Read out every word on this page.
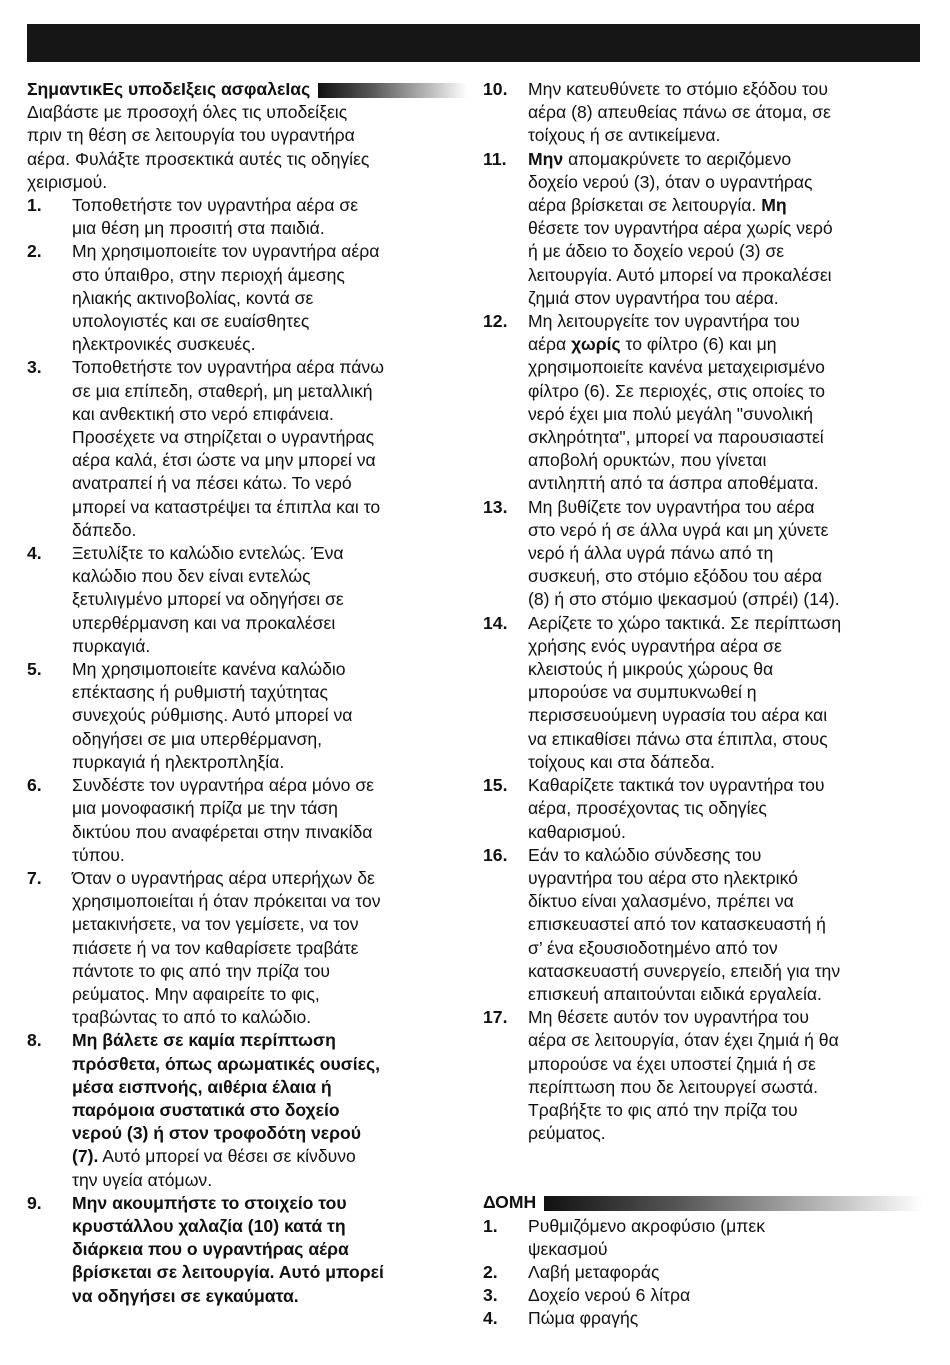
ΣημαντικΕς υποδεΙξεις ασφαλεΙας
Διαβάστε με προσοχή όλες τις υποδείξεις
πριν τη θέση σε λειτουργία του υγραντήρα
αέρα. Φυλάξτε προσεκτικά αυτές τις οδηγίες
χειρισμού.
1.	Τοποθετήστε τον υγραντήρα αέρα σε
μια θέση μη προσιτή στα παιδιά.
2.	Μη χρησιμοποιείτε τον υγραντήρα αέρα
στο ύπαιθρο, στην περιοχή άμεσης
ηλιακής ακτινοβολίας, κοντά σε
υπολογιστές και σε ευαίσθητες
ηλεκτρονικές συσκευές.
3.	Τοποθετήστε τον υγραντήρα αέρα πάνω
σε μια επίπεδη, σταθερή, μη μεταλλική
και ανθεκτική στο νερό επιφάνεια.
Προσέχετε να στηρίζεται ο υγραντήρας
αέρα καλά, έτσι ώστε να μην μπορεί να
ανατραπεί ή να πέσει κάτω. Το νερό
μπορεί να καταστρέψει τα έπιπλα και το
δάπεδο.
4.	Ξετυλίξτε το καλώδιο εντελώς. Ένα
καλώδιο που δεν είναι εντελώς
ξετυλιγμένο μπορεί να οδηγήσει σε
υπερθέρμανση και να προκαλέσει
πυρκαγιά.
5.	Μη χρησιμοποιείτε κανένα καλώδιο
επέκτασης ή ρυθμιστή ταχύτητας
συνεχούς ρύθμισης. Αυτό μπορεί να
οδηγήσει σε μια υπερθέρμανση,
πυρκαγιά ή ηλεκτροπληξία.
6.	Συνδέστε τον υγραντήρα αέρα μόνο σε
μια μονοφασική πρίζα με την τάση
δικτύου που αναφέρεται στην πινακίδα
τύπου.
7.	Όταν ο υγραντήρας αέρα υπερήχων δε
χρησιμοποιείται ή όταν πρόκειται να τον
μετακινήσετε, να τον γεμίσετε, να τον
πιάσετε ή να τον καθαρίσετε τραβάτε
πάντοτε το φις από την πρίζα του
ρεύματος. Μην αφαιρείτε το φις,
τραβώντας το από το καλώδιο.
8.	Μη βάλετε σε καμία περίπτωση
πρόσθετα, όπως αρωματικές ουσίες,
μέσα εισπνοής, αιθέρια έλαια ή
παρόμοια συστατικά στο δοχείο
νερού (3) ή στον τροφοδότη νερού
(7). Αυτό μπορεί να θέσει σε κίνδυνο
την υγεία ατόμων.
9.	Μην ακουμπήστε το στοιχείο του
κρυστάλλου χαλαζία (10) κατά τη
διάρκεια που ο υγραντήρας αέρα
βρίσκεται σε λειτουργία. Αυτό μπορεί
να οδηγήσει σε εγκαύματα.
10.	Μην κατευθύνετε το στόμιο εξόδου του
αέρα (8) απευθείας πάνω σε άτομα, σε
τοίχους ή σε αντικείμενα.
11.	Μην απομακρύνετε το αεριζόμενο
δοχείο νερού (3), όταν ο υγραντήρας
αέρα βρίσκεται σε λειτουργία. Μη
θέσετε τον υγραντήρα αέρα χωρίς νερό
ή με άδειο το δοχείο νερού (3) σε
λειτουργία. Αυτό μπορεί να προκαλέσει
ζημιά στον υγραντήρα του αέρα.
12.	Μη λειτουργείτε τον υγραντήρα του
αέρα χωρίς το φίλτρο (6) και μη
χρησιμοποιείτε κανένα μεταχειρισμένο
φίλτρο (6). Σε περιοχές, στις οποίες το
νερό έχει μια πολύ μεγάλη "συνολική
σκληρότητα", μπορεί να παρουσιαστεί
αποβολή ορυκτών, που γίνεται
αντιληπτή από τα άσπρα αποθέματα.
13.	Μη βυθίζετε τον υγραντήρα του αέρα
στο νερό ή σε άλλα υγρά και μη χύνετε
νερό ή άλλα υγρά πάνω από τη
συσκευή, στο στόμιο εξόδου του αέρα
(8) ή στο στόμιο ψεκασμού (σπρέι) (14).
14.	Αερίζετε το χώρο τακτικά. Σε περίπτωση
χρήσης ενός υγραντήρα αέρα σε
κλειστούς ή μικρούς χώρους θα
μπορούσε να συμπυκνωθεί η
περισσευούμενη υγρασία του αέρα και
να επικαθίσει πάνω στα έπιπλα, στους
τοίχους και στα δάπεδα.
15.	Καθαρίζετε τακτικά τον υγραντήρα του
αέρα, προσέχοντας τις οδηγίες
καθαρισμού.
16.	Εάν το καλώδιο σύνδεσης του
υγραντήρα του αέρα στο ηλεκτρικό
δίκτυο είναι χαλασμένο, πρέπει να
επισκευαστεί από τον κατασκευαστή ή
σ’ ένα εξουσιοδοτημένο από τον
κατασκευαστή συνεργείο, επειδή για την
επισκευή απαιτούνται ειδικά εργαλεία.
17.	Μη θέσετε αυτόν τον υγραντήρα του
αέρα σε λειτουργία, όταν έχει ζημιά ή θα
μπορούσε να έχει υποστεί ζημιά ή σε
περίπτωση που δε λειτουργεί σωστά.
Τραβήξτε το φις από την πρίζα του
ρεύματος.
ΔΟΜΗ
1.	Ρυθμιζόμενο ακροφύσιο (μπεκ
ψεκασμού
2.	Λαβή μεταφοράς
3.	Δοχείο νερού 6 λίτρα
4.	Πώμα φραγής
